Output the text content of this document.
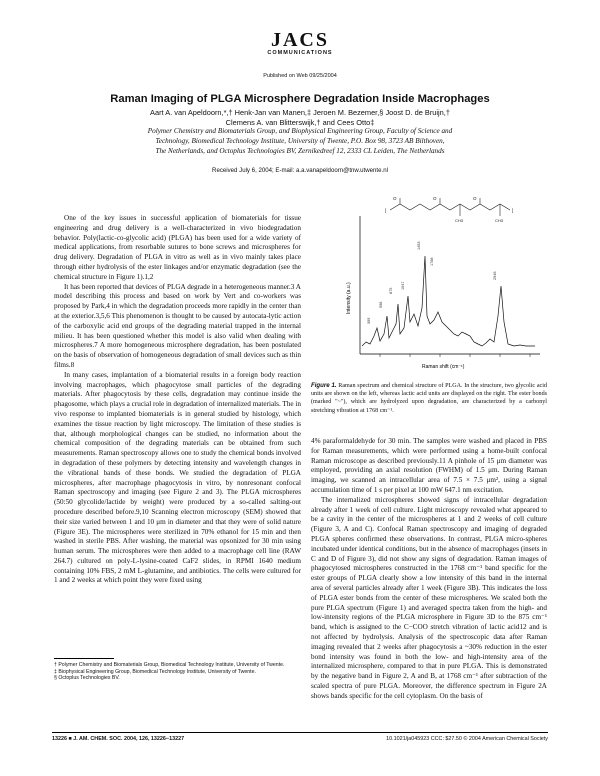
JACS
COMMUNICATIONS
Published on Web 09/25/2004
Raman Imaging of PLGA Microsphere Degradation Inside Macrophages
Aart A. van Apeldoorn,*,† Henk-Jan van Manen,‡ Jeroen M. Bezemer,§ Joost D. de Bruijn,†
Clemens A. van Blitterswijk,† and Cees Otto‡
Polymer Chemistry and Biomaterials Group, and Biophysical Engineering Group, Faculty of Science and
Technology, Biomedical Technology Institute, University of Twente, P.O. Box 98, 3723 AB Bilthoven,
The Netherlands, and Octoplus Technologies BV, Zernikedreef 12, 2333 CL Leiden, The Netherlands
Received July 6, 2004; E-mail: a.a.vanapeldoorn@tnw.utwente.nl

One of the key issues in successful application of biomaterials for tissue engineering and drug delivery is a well-characterized in vivo biodegradation behavior. Poly(lactic-co-glycolic acid) (PLGA) has been used for a wide variety of medical applications, from resorbable sutures to bone screws and microspheres for drug delivery. Degradation of PLGA in vitro as well as in vivo mainly takes place through either hydrolysis of the ester linkages and/or enzymatic degradation (see the chemical structure in Figure 1).1,2

It has been reported that devices of PLGA degrade in a heterogeneous manner.3 A model describing this process and based on work by Vert and co-workers was proposed by Park,4 in which the degradation proceeds more rapidly in the center than at the exterior.3,5,6 This phenomenon is thought to be caused by autocata-lytic action of the carboxylic acid end groups of the degrading material trapped in the internal milieu. It has been questioned whether this model is also valid when dealing with microspheres.7 A more homogeneous microsphere degradation, has been postulated on the basis of observation of homogeneous degradation of small devices such as thin films.8

In many cases, implantation of a biomaterial results in a foreign body reaction involving macrophages, which phagocytose small particles of the degrading materials. After phagocytosis by these cells, degradation may continue inside the phagosome, which plays a crucial role in degradation of internalized materials. The in vivo response to implanted biomaterials is in general studied by histology, which examines the tissue reaction by light microscopy. The limitation of these studies is that, although morphological changes can be studied, no information about the chemical composition of the degrading materials can be obtained from such measurements. Raman spectroscopy allows one to study the chemical bonds involved in degradation of these polymers by detecting intensity and wavelength changes in the vibrational bands of these bonds. We studied the degradation of PLGA microspheres, after macrophage phagocytosis in vitro, by nonresonant confocal Raman spectroscopy and imaging (see Figure 2 and 3). The PLGA microspheres (50:50 glycolide/lactide by weight) were produced by a so-called salting-out procedure described before.9,10 Scanning electron microscopy (SEM) showed that their size varied between 1 and 10 μm in diameter and that they were of solid nature (Figure 3E). The microspheres were sterilized in 70% ethanol for 15 min and then washed in sterile PBS. After washing, the material was opsonized for 30 min using human serum. The microspheres were then added to a macrophage cell line (RAW 264.7) cultured on poly-L-lysine-coated CaF2 slides, in RPMI 1640 medium containing 10% FBS, 2 mM L-glutamine, and antibiotics. The cells were cultured for 1 and 2 weeks at which point they were fixed using

O	O	O
[	]
CH3	CH3
399
598
875
1047
1453
2946
1768
Intensity (a.u.)
Raman shift (cm⁻¹)
Figure 1. Raman spectrum and chemical structure of PLGA. In the structure, two glycolic acid units are shown on the left, whereas lactic acid units are displayed on the right. The ester bonds (marked "~"), which are hydrolyzed upon degradation, are characterized by a carbonyl stretching vibration at 1768 cm⁻¹.

4% paraformaldehyde for 30 min. The samples were washed and placed in PBS for Raman measurements, which were performed using a home-built confocal Raman microscope as described previously.11 A pinhole of 15 μm diameter was employed, providing an axial resolution (FWHM) of 1.5 μm. During Raman imaging, we scanned an intracellular area of 7.5 × 7.5 μm², using a signal accumulation time of 1 s per pixel at 100 mW 647.1 nm excitation.

The internalized microspheres showed signs of intracellular degradation already after 1 week of cell culture. Light microscopy revealed what appeared to be a cavity in the center of the microspheres at 1 and 2 weeks of cell culture (Figure 3, A and C). Confocal Raman spectroscopy and imaging of degraded PLGA spheres confirmed these observations. In contrast, PLGA micro-spheres incubated under identical conditions, but in the absence of macrophages (insets in C and D of Figure 3), did not show any signs of degradation. Raman images of phagocytosed microspheres constructed in the 1768 cm⁻¹ band specific for the ester groups of PLGA clearly show a low intensity of this band in the internal area of several particles already after 1 week (Figure 3B). This indicates the loss of PLGA ester bonds from the center of these microspheres. We scaled both the pure PLGA spectrum (Figure 1) and averaged spectra taken from the high- and low-intensity regions of the PLGA microsphere in Figure 3D to the 875 cm⁻¹ band, which is assigned to the C−COO stretch vibration of lactic acid12 and is not affected by hydrolysis. Analysis of the spectroscopic data after Raman imaging revealed that 2 weeks after phagocytosis a ~30% reduction in the ester bond intensity was found in both the low- and high-intensity area of the internalized microsphere, compared to that in pure PLGA. This is demonstrated by the negative band in Figure 2, A and B, at 1768 cm⁻¹ after subtraction of the scaled spectra of pure PLGA. Moreover, the difference spectrum in Figure 2A shows bands specific for the cell cytoplasm. On the basis of

† Polymer Chemistry and Biomaterials Group, Biomedical Technology Institute, University of Twente.
‡ Biophysical Engineering Group, Biomedical Technology Institute, University of Twente.
§ Octoplus Technologies BV.
13226 ■ J. AM. CHEM. SOC. 2004, 126, 13226−13227	10.1021/ja045923 CCC: $27.50 © 2004 American Chemical Society
